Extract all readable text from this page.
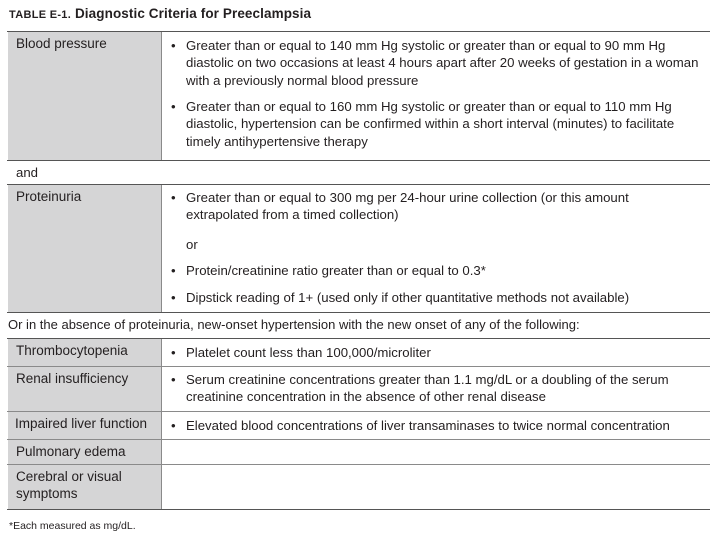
TABLE E-1. Diagnostic Criteria for Preeclampsia
Blood pressure	• Greater than or equal to 140 mm Hg systolic or greater than or equal to 90 mm Hg diastolic on two occasions at least 4 hours apart after 20 weeks of gestation in a woman with a previously normal blood pressure
• Greater than or equal to 160 mm Hg systolic or greater than or equal to 110 mm Hg diastolic, hypertension can be confirmed within a short interval (minutes) to facilitate timely antihypertensive therapy
and
Proteinuria	• Greater than or equal to 300 mg per 24-hour urine collection (or this amount extrapolated from a timed collection)
or
• Protein/creatinine ratio greater than or equal to 0.3*
• Dipstick reading of 1+ (used only if other quantitative methods not available)
Or in the absence of proteinuria, new-onset hypertension with the new onset of any of the following:
Thrombocytopenia	• Platelet count less than 100,000/microliter
Renal insufficiency	• Serum creatinine concentrations greater than 1.1 mg/dL or a doubling of the serum creatinine concentration in the absence of other renal disease
Impaired liver function	• Elevated blood concentrations of liver transaminases to twice normal concentration
Pulmonary edema
Cerebral or visual symptoms
*Each measured as mg/dL.
